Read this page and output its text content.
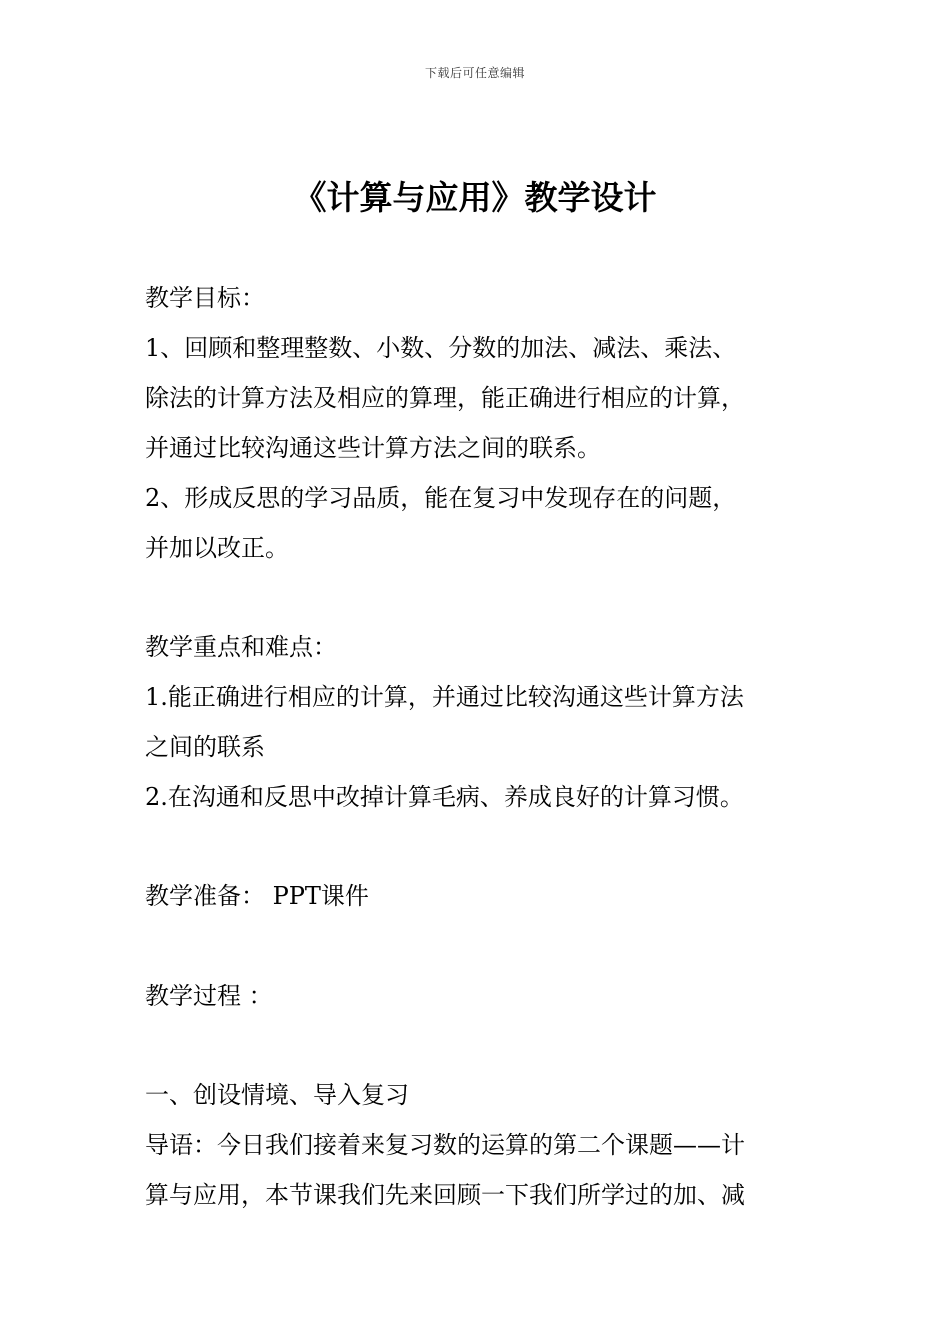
下载后可任意编辑
《计算与应用》教学设计
教学目标：
1、回顾和整理整数、小数、分数的加法、减法、乘法、
除法的计算方法及相应的算理，能正确进行相应的计算，
并通过比较沟通这些计算方法之间的联系。
2、形成反思的学习品质，能在复习中发现存在的问题，
并加以改正。
教学重点和难点：
1.能正确进行相应的计算，并通过比较沟通这些计算方法
之间的联系
2.在沟通和反思中改掉计算毛病、养成良好的计算习惯。
教学准备： PPT课件
教学过程 ：
一、创设情境、导入复习
导语：今日我们接着来复习数的运算的第二个课题——计
算与应用，本节课我们先来回顾一下我们所学过的加、减
